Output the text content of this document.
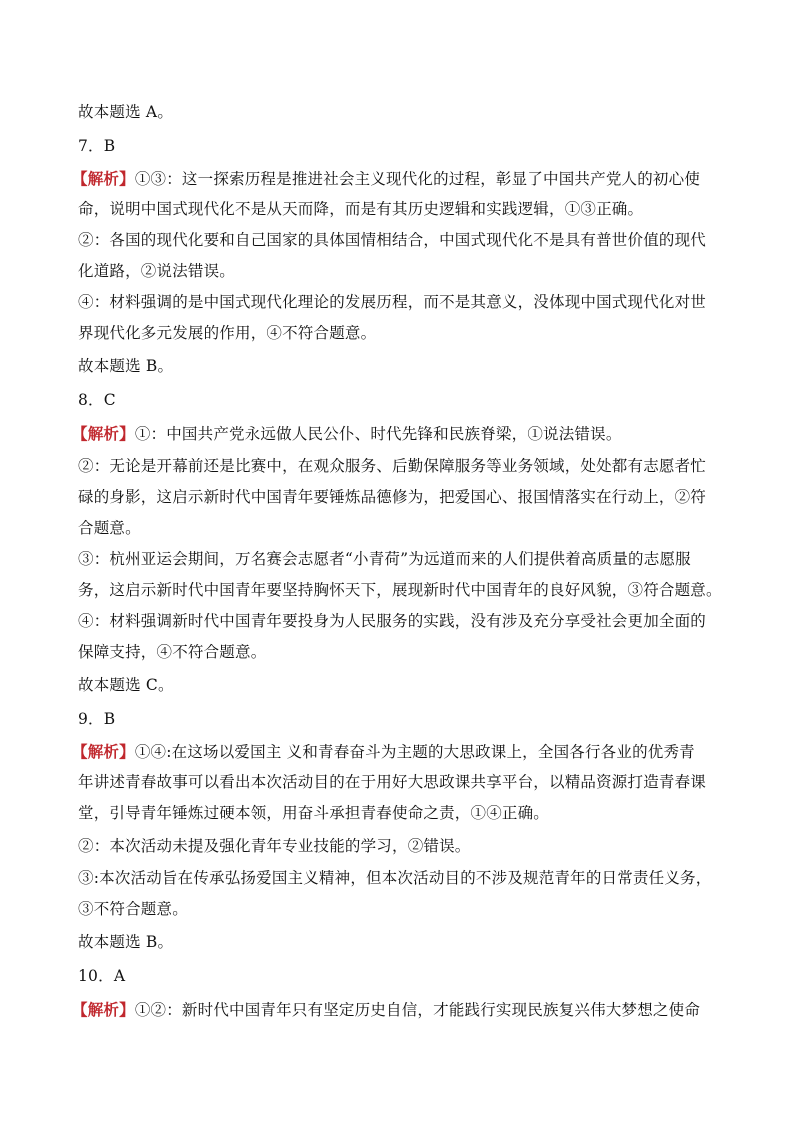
故本题选 A。
7．B
【解析】①③：这一探索历程是推进社会主义现代化的过程，彰显了中国共产党人的初心使
命，说明中国式现代化不是从天而降，而是有其历史逻辑和实践逻辑，①③正确。
②：各国的现代化要和自己国家的具体国情相结合，中国式现代化不是具有普世价值的现代
化道路，②说法错误。
④：材料强调的是中国式现代化理论的发展历程，而不是其意义，没体现中国式现代化对世
界现代化多元发展的作用，④不符合题意。
故本题选 B。
8．C
【解析】①：中国共产党永远做人民公仆、时代先锋和民族脊梁，①说法错误。
②：无论是开幕前还是比赛中，在观众服务、后勤保障服务等业务领域，处处都有志愿者忙
碌的身影，这启示新时代中国青年要锤炼品德修为，把爱国心、报国情落实在行动上，②符
合题意。
③：杭州亚运会期间，万名赛会志愿者“小青荷”为远道而来的人们提供着高质量的志愿服
务，这启示新时代中国青年要坚持胸怀天下，展现新时代中国青年的良好风貌，③符合题意。
④：材料强调新时代中国青年要投身为人民服务的实践，没有涉及充分享受社会更加全面的
保障支持，④不符合题意。
故本题选 C。
9．B
【解析】①④:在这场以爱国主 义和青春奋斗为主题的大思政课上，全国各行各业的优秀青
年讲述青春故事可以看出本次活动目的在于用好大思政课共享平台，以精品资源打造青春课
堂，引导青年锤炼过硬本领，用奋斗承担青春使命之责，①④正确。
②：本次活动未提及强化青年专业技能的学习，②错误。
③:本次活动旨在传承弘扬爱国主义精神，但本次活动目的不涉及规范青年的日常责任义务，
③不符合题意。
故本题选 B。
10．A
【解析】①②：新时代中国青年只有坚定历史自信，才能践行实现民族复兴伟大梦想之使命
